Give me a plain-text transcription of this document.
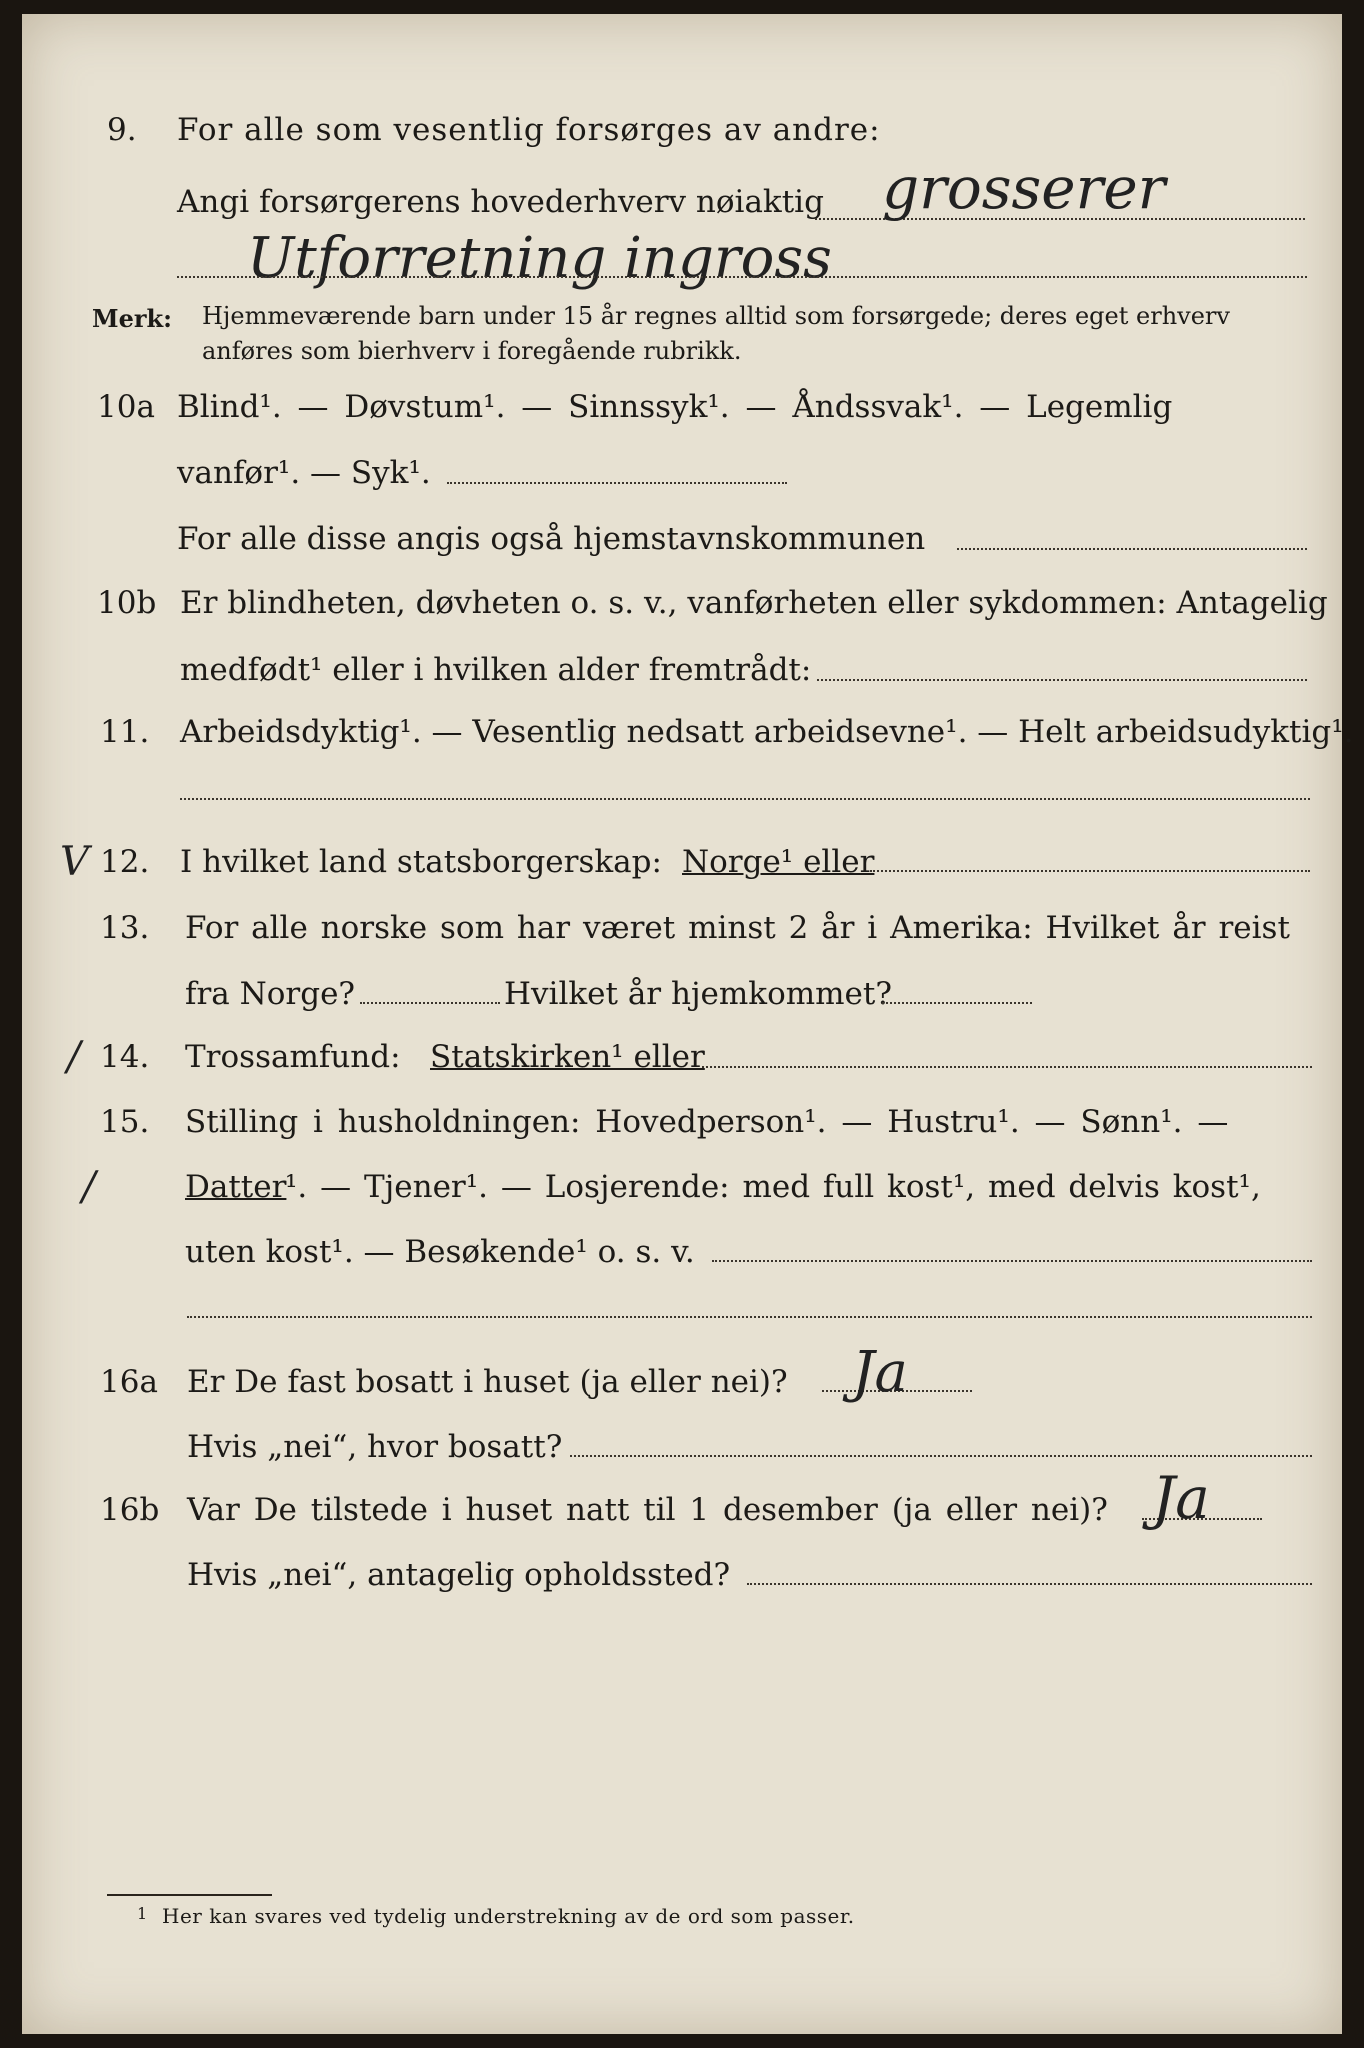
9. For alle som vesentlig forsørges av andre:
Angi forsørgerens hovederhverv nøiaktig grosserer
Utforretning ingross
Merk: Hjemmeværende barn under 15 år regnes alltid som forsørgede; deres eget erhverv
anføres som bierhverv i foregående rubrikk.
10a Blind¹. — Døvstum¹. — Sinnssyk¹. — Åndssvak¹. — Legemlig
vanfør¹. — Syk¹.
For alle disse angis også hjemstavnskommunen
10b Er blindheten, døvheten o. s. v., vanførheten eller sykdommen: Antagelig
medfødt¹ eller i hvilken alder fremtrådt:
11. Arbeidsdyktig¹. — Vesentlig nedsatt arbeidsevne¹. — Helt arbeidsudyktig¹.
V 12. I hvilket land statsborgerskap: Norge¹ eller
13. For alle norske som har været minst 2 år i Amerika: Hvilket år reist
fra Norge?	Hvilket år hjemkommet?
/ 14. Trossamfund: Statskirken¹ eller
/
15. Stilling i husholdningen: Hovedperson¹. — Hustru¹. — Sønn¹. —
Datter
¹. — Tjener¹. — Losjerende: med full kost¹, med delvis kost¹,
uten kost¹. — Besøkende¹ o. s. v.
16a Er De fast bosatt i huset (ja eller nei)? Ja
Hvis „nei“, hvor bosatt?
16b Var De tilstede i huset natt til 1 desember (ja eller nei)? Ja
Hvis „nei“, antagelig opholdssted?
1 Her kan svares ved tydelig understrekning av de ord som passer.
